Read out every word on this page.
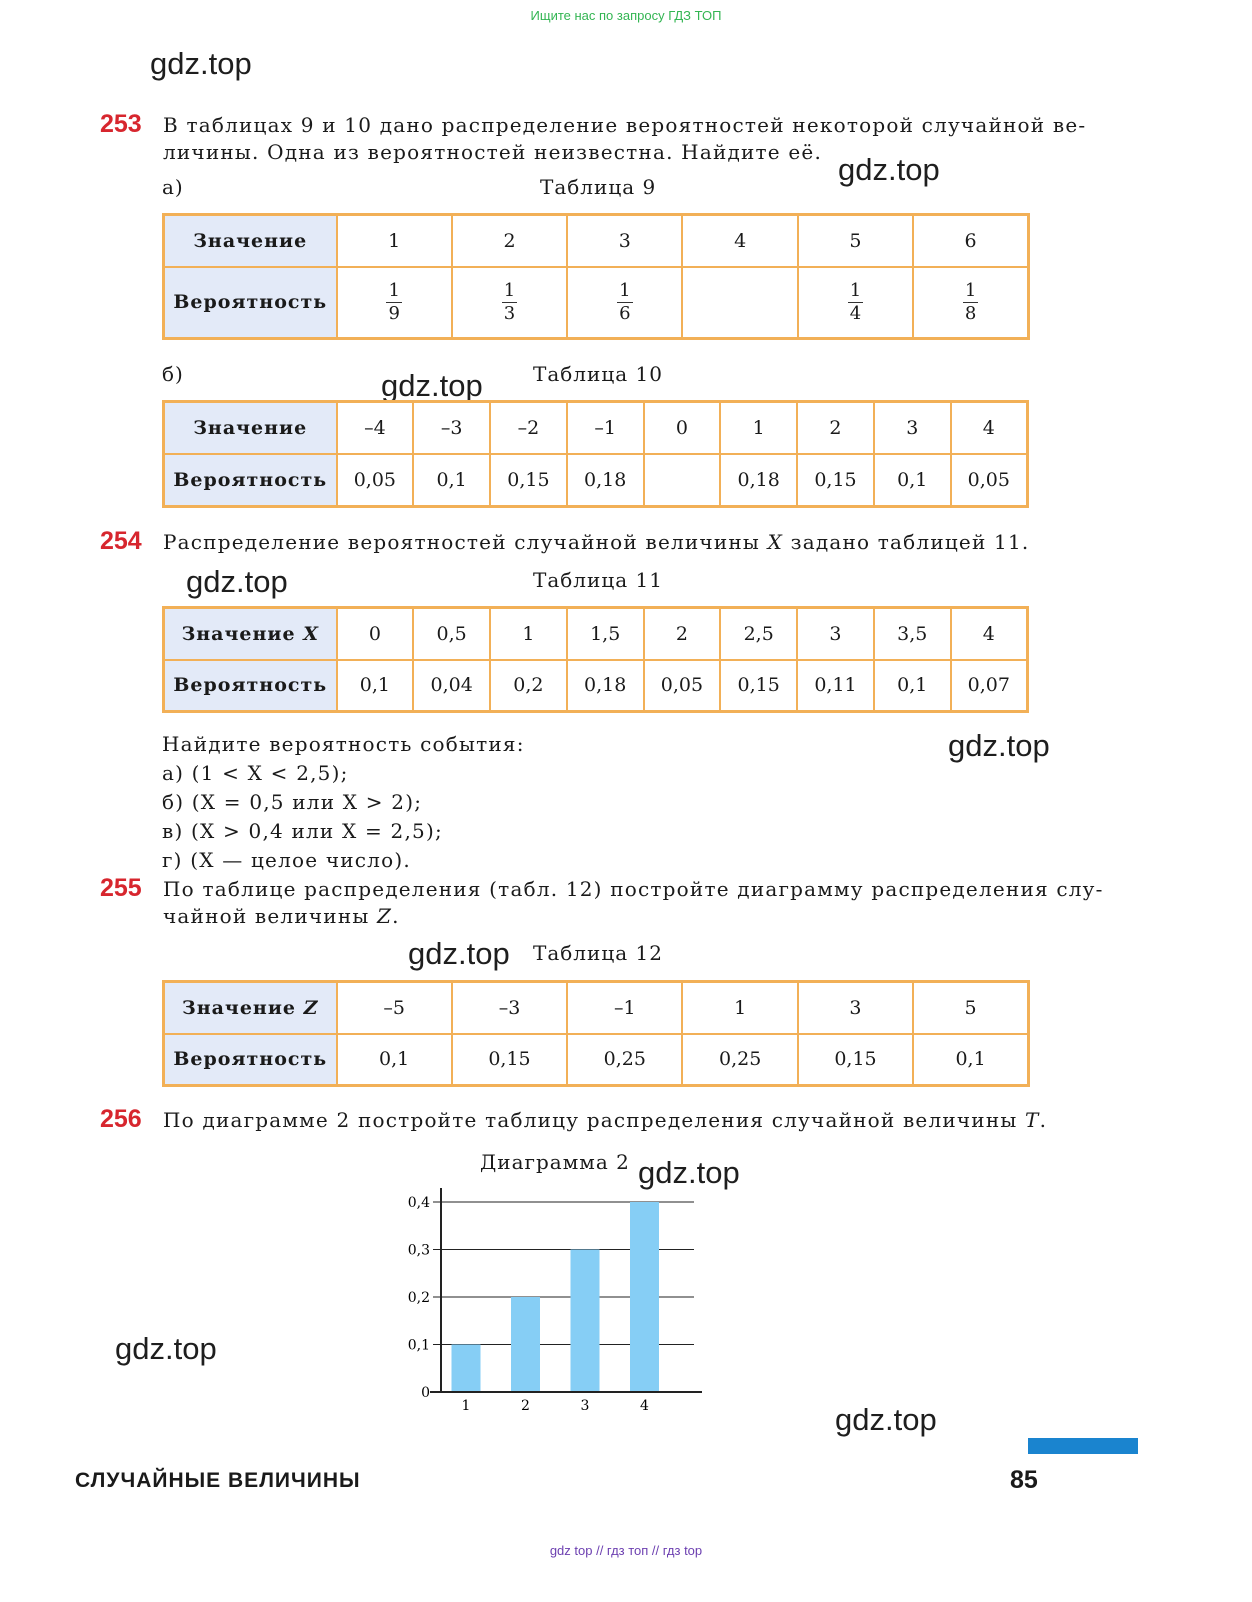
Ищите нас по запросу ГДЗ ТОП
gdz.top
gdz.top
gdz.top
gdz.top
gdz.top
gdz.top
gdz.top
gdz.top
gdz.top
253 В таблицах 9 и 10 дано распределение вероятностей некоторой случайной ве-
личины. Одна из вероятностей неизвестна. Найдите её.
а)	Таблица 9
Значение	1	2	3	4	5	6
Вероятность	$\frac{1}{9}$	$\frac{1}{3}$	$\frac{1}{6}$		$\frac{1}{4}$	$\frac{1}{8}$
б)	Таблица 10
Значение	–4	–3	–2	–1	0	1	2	3	4
Вероятность	0,05	0,1	0,15	0,18		0,18	0,15	0,1	0,05
254 Распределение вероятностей случайной величины X задано таблицей 11.
Таблица 11
Значение X	0	0,5	1	1,5	2	2,5	3	3,5	4
Вероятность	0,1	0,04	0,2	0,18	0,05	0,15	0,11	0,1	0,07
Найдите вероятность события:
а) (1 < X < 2,5);
б) (X = 0,5 или X > 2);
в) (X > 0,4 или X = 2,5);
г) (X — целое число).
255 По таблице распределения (табл. 12) постройте диаграмму распределения слу-
чайной величины Z.
Таблица 12
Значение Z	–5	–3	–1	1	3	5
Вероятность	0,1	0,15	0,25	0,25	0,15	0,1
256 По диаграмме 2 постройте таблицу распределения случайной величины T.
Диаграмма 2
0
0,1
0,2
0,3
0,4
1	2	3	4
СЛУЧАЙНЫЕ ВЕЛИЧИНЫ	85
gdz top // гдз топ // гдз top
